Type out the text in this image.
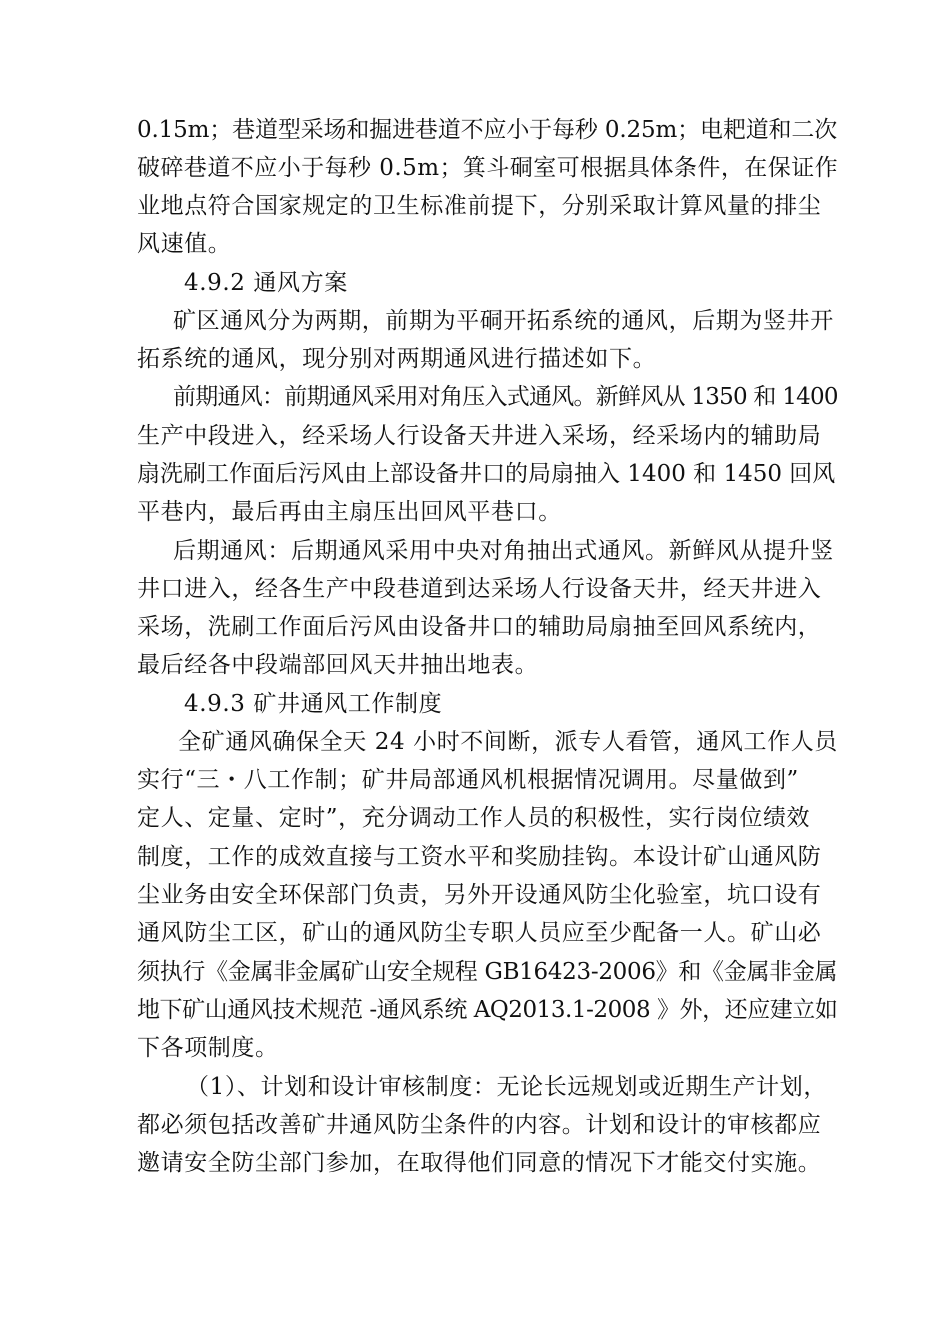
0.15m；巷道型采场和掘进巷道不应小于每秒 0.25m；电耙道和二次
破碎巷道不应小于每秒 0.5m；箕斗硐室可根据具体条件，在保证作
业地点符合国家规定的卫生标准前提下，分别采取计算风量的排尘
风速值。
4.9.2 通风方案
矿区通风分为两期，前期为平硐开拓系统的通风，后期为竖井开
拓系统的通风，现分别对两期通风进行描述如下。
前期通风：前期通风采用对角压入式通风。新鲜风从 1350 和 1400
生产中段进入，经采场人行设备天井进入采场，经采场内的辅助局
扇洗刷工作面后污风由上部设备井口的局扇抽入 1400 和 1450 回风
平巷内，最后再由主扇压出回风平巷口。
后期通风：后期通风采用中央对角抽出式通风。新鲜风从提升竖
井口进入，经各生产中段巷道到达采场人行设备天井，经天井进入
采场，洗刷工作面后污风由设备井口的辅助局扇抽至回风系统内，
最后经各中段端部回风天井抽出地表。
4.9.3 矿井通风工作制度
全矿通风确保全天 24 小时不间断，派专人看管，通风工作人员
实行“三・八工作制；矿井局部通风机根据情况调用。尽量做到”
定人、定量、定时”，充分调动工作人员的积极性，实行岗位绩效
制度，工作的成效直接与工资水平和奖励挂钩。本设计矿山通风防
尘业务由安全环保部门负责，另外开设通风防尘化验室，坑口设有
通风防尘工区，矿山的通风防尘专职人员应至少配备一人。矿山必
须执行《金属非金属矿山安全规程 GB16423-2006》和《金属非金属
地下矿山通风技术规范 -通风系统 AQ2013.1-2008 》外，还应建立如
下各项制度。
（1）、计划和设计审核制度：无论长远规划或近期生产计划，
都必须包括改善矿井通风防尘条件的内容。计划和设计的审核都应
邀请安全防尘部门参加，在取得他们同意的情况下才能交付实施。
